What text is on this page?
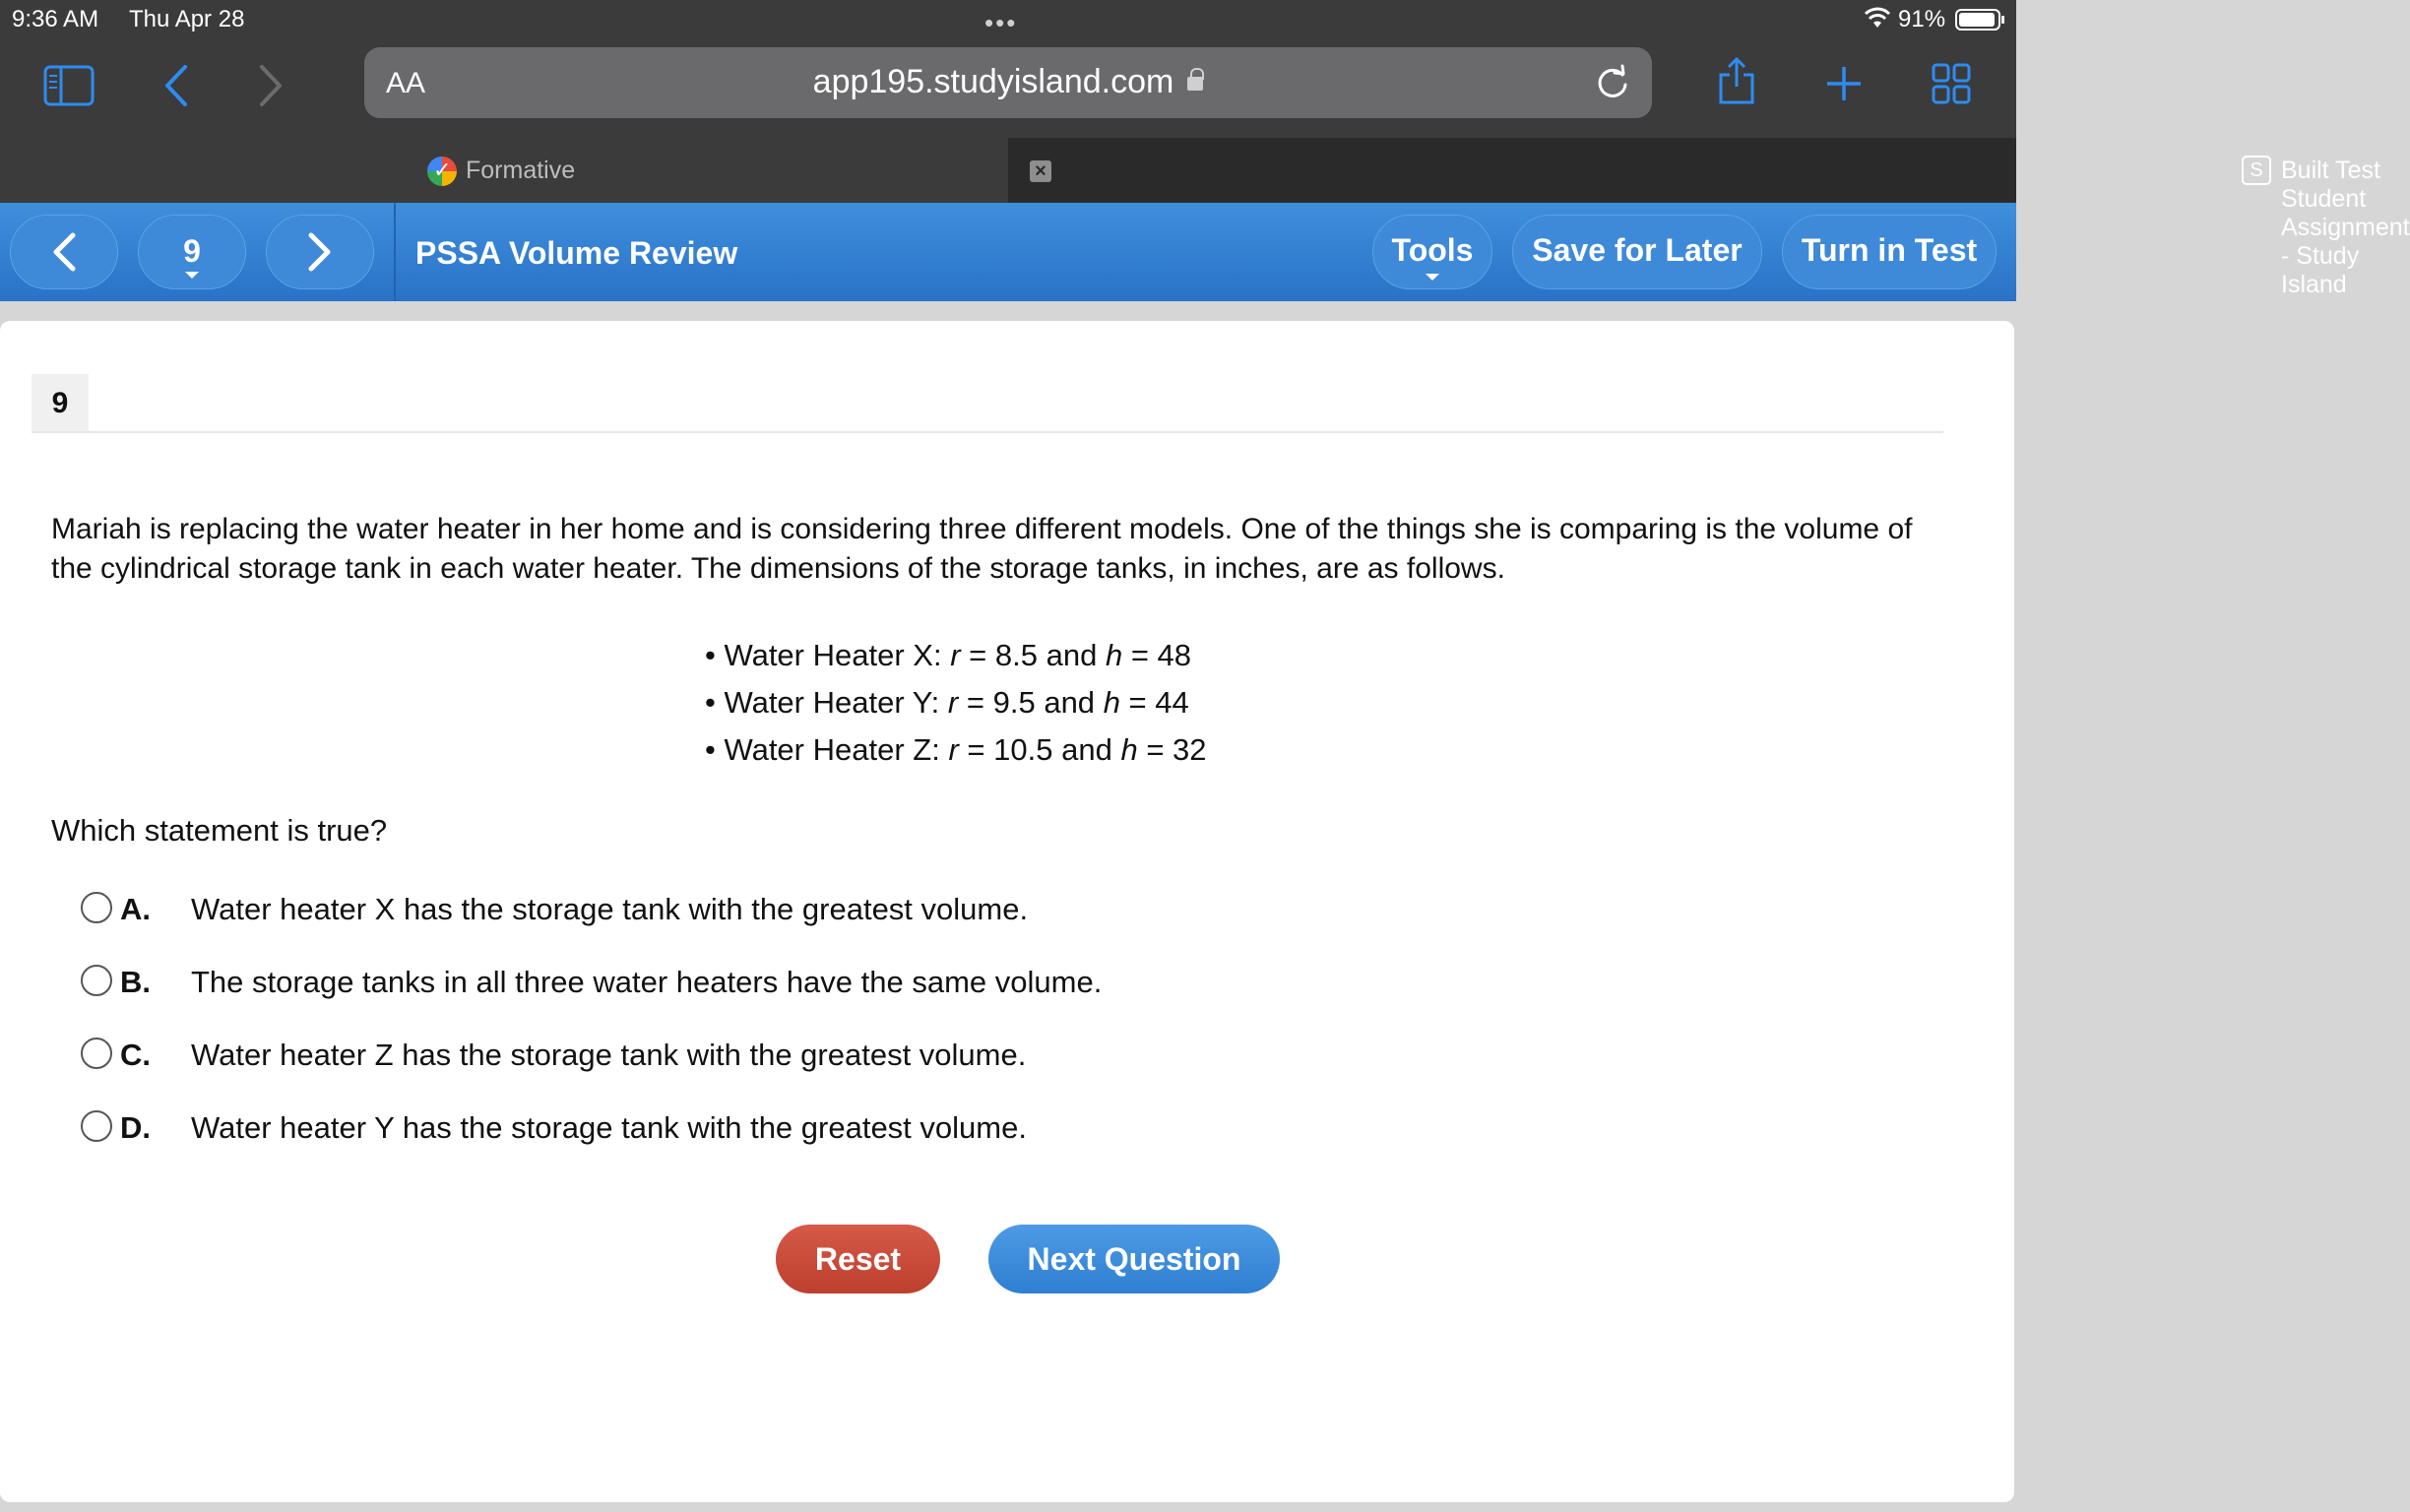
9:36 AM Thu Apr 28	•••	91%
AA	app195.studyisland.com
✓
Formative	S Built Test Student Assignment - Study Island
×
9	PSSA Volume Review	Tools	Save for Later	Turn in Test
9
Mariah is replacing the water heater in her home and is considering three different models. One of the things she is comparing is the volume of the cylindrical storage tank in each water heater. The dimensions of the storage tanks, in inches, are as follows.
• Water Heater X: r = 8.5 and h = 48
• Water Heater Y: r = 9.5 and h = 44
• Water Heater Z: r = 10.5 and h = 32
Which statement is true?
A. Water heater X has the storage tank with the greatest volume.
B. The storage tanks in all three water heaters have the same volume.
C. Water heater Z has the storage tank with the greatest volume.
D. Water heater Y has the storage tank with the greatest volume.
Reset	Next Question
